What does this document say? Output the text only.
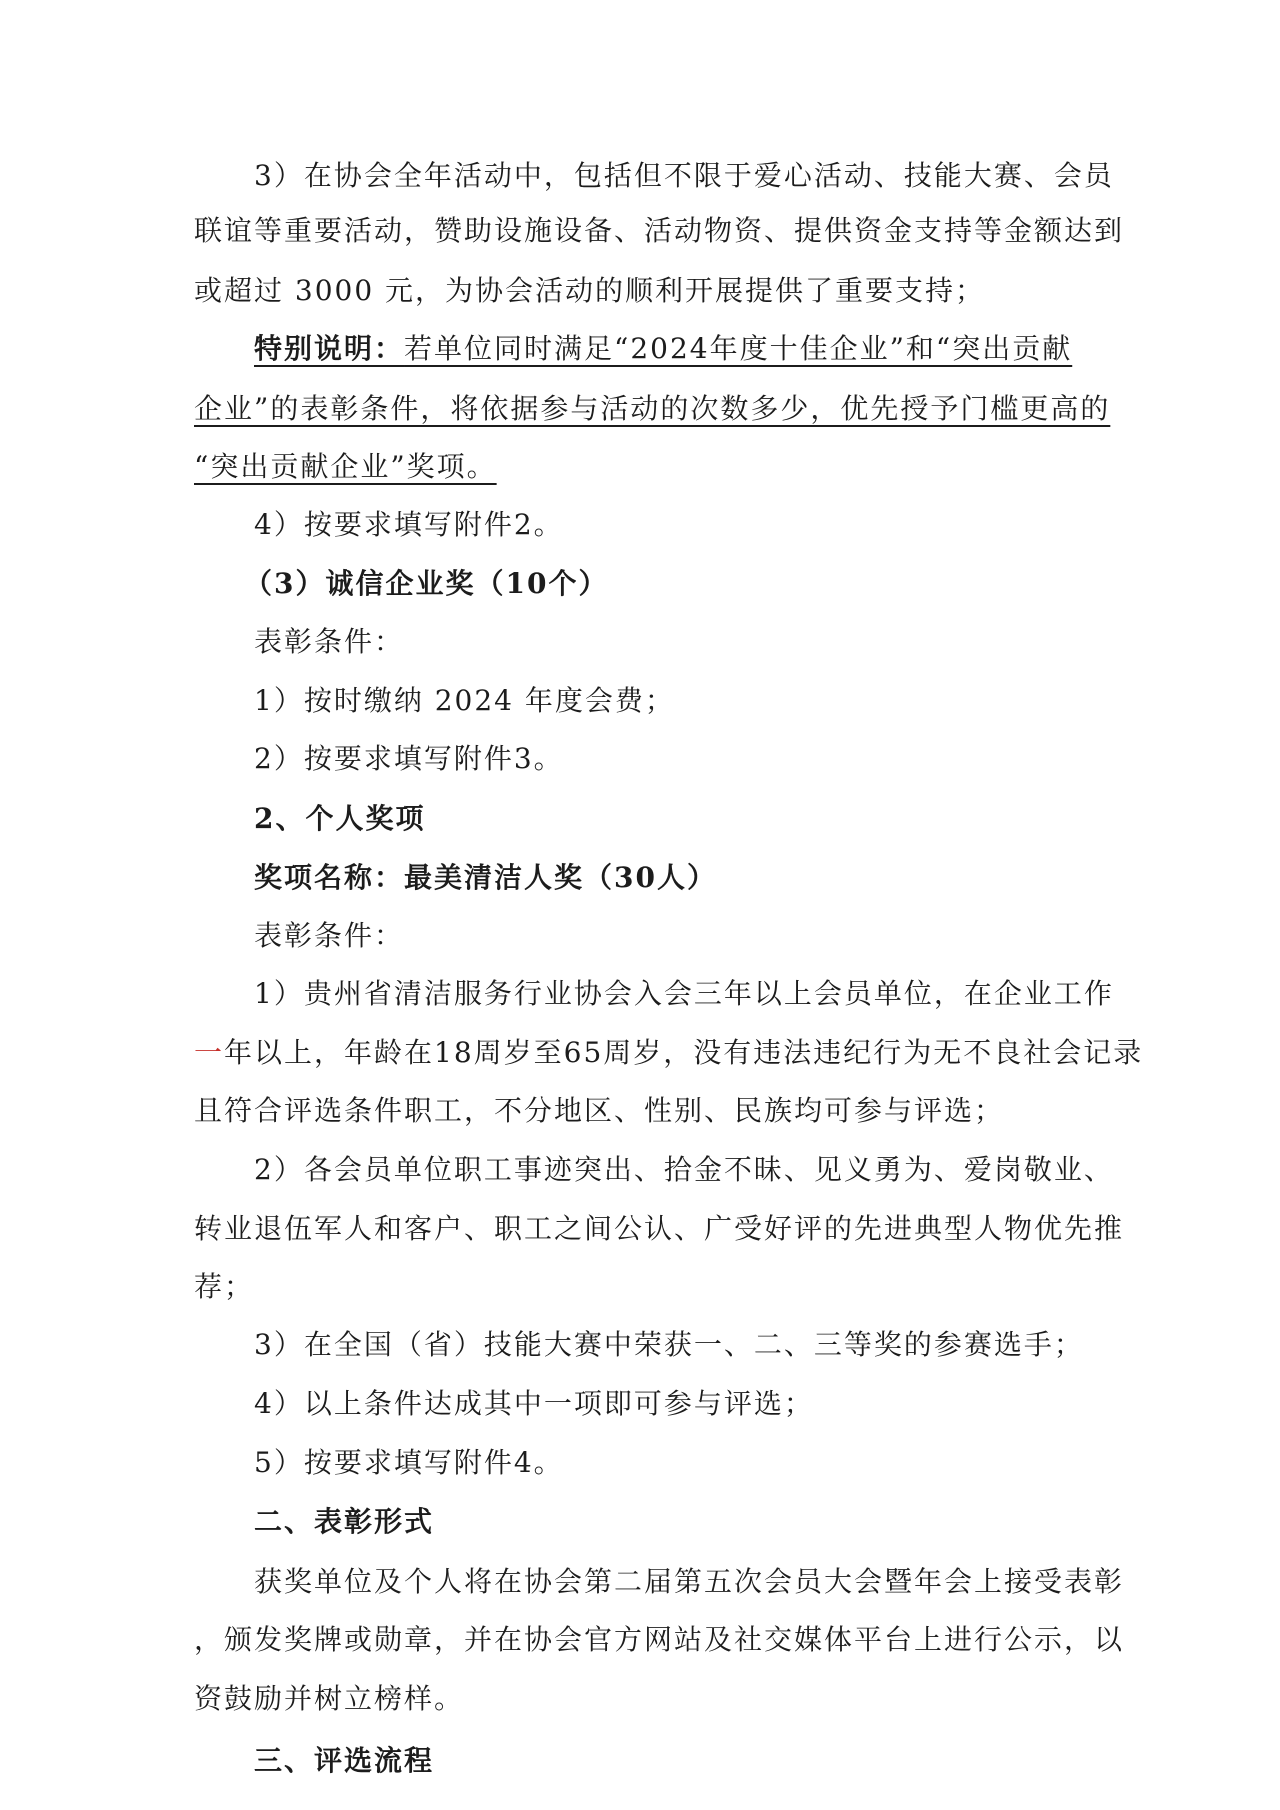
3）在协会全年活动中，包括但不限于爱心活动、技能大赛、会员
联谊等重要活动，赞助设施设备、活动物资、提供资金支持等金额达到
或超过 3000 元，为协会活动的顺利开展提供了重要支持；
特别说明：若单位同时满足“2024年度十佳企业”和“突出贡献
企业”的表彰条件，将依据参与活动的次数多少，优先授予门槛更高的
“突出贡献企业”奖项。
4）按要求填写附件2。
（3）诚信企业奖（10个）
表彰条件：
1）按时缴纳 2024 年度会费；
2）按要求填写附件3。
2、个人奖项
奖项名称：最美清洁人奖（30人）
表彰条件：
1）贵州省清洁服务行业协会入会三年以上会员单位，在企业工作
一年以上，年龄在18周岁至65周岁，没有违法违纪行为无不良社会记录
且符合评选条件职工，不分地区、性别、民族均可参与评选；
2）各会员单位职工事迹突出、拾金不昧、见义勇为、爱岗敬业、
转业退伍军人和客户、职工之间公认、广受好评的先进典型人物优先推
荐；
3）在全国（省）技能大赛中荣获一、二、三等奖的参赛选手；
4）以上条件达成其中一项即可参与评选；
5）按要求填写附件4。
二、表彰形式
获奖单位及个人将在协会第二届第五次会员大会暨年会上接受表彰
，颁发奖牌或勋章，并在协会官方网站及社交媒体平台上进行公示，以
资鼓励并树立榜样。
三、评选流程
